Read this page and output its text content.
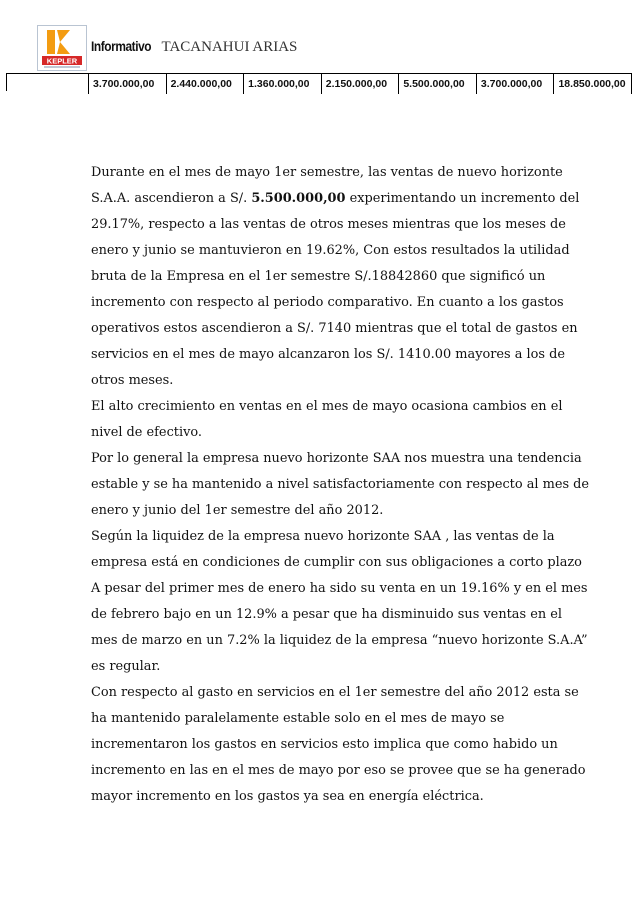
KEPLER
Informativo TACANAHUI ARIAS
3.700.000,00	2.440.000,00	1.360.000,00	2.150.000,00	5.500.000,00	3.700.000,00	18.850.000,00

Durante en el mes de mayo 1er semestre, las ventas de nuevo horizonte S.A.A. ascendieron a S/. 5.500.000,00 experimentando un incremento del 29.17%, respecto a las ventas de otros meses mientras que los meses de enero y junio se mantuvieron en 19.62%, Con estos resultados la utilidad bruta de la Empresa en el 1er semestre S/.18842860 que significó un incremento con respecto al periodo comparativo. En cuanto a los gastos operativos estos ascendieron a S/. 7140 mientras que el total de gastos en servicios en el mes de mayo alcanzaron los S/. 1410.00 mayores a los de otros meses.

El alto crecimiento en ventas en el mes de mayo ocasiona cambios en el nivel de efectivo.

Por lo general la empresa nuevo horizonte SAA nos muestra una tendencia estable y se ha mantenido a nivel satisfactoriamente con respecto al mes de enero y junio del 1er semestre del año 2012.

Según la liquidez de la empresa nuevo horizonte SAA , las ventas de la empresa está en condiciones de cumplir con sus obligaciones a corto plazo

A pesar del primer mes de enero ha sido su venta en un 19.16% y en el mes de febrero bajo en un 12.9% a pesar que ha disminuido sus ventas en el mes de marzo en un 7.2% la liquidez de la empresa “nuevo horizonte S.A.A” es regular.

Con respecto al gasto en servicios en el 1er semestre del año 2012 esta se ha mantenido paralelamente estable solo en el mes de mayo se incrementaron los gastos en servicios esto implica que como habido un incremento en las en el mes de mayo por eso se provee que se ha generado mayor incremento en los gastos ya sea en energía eléctrica.
